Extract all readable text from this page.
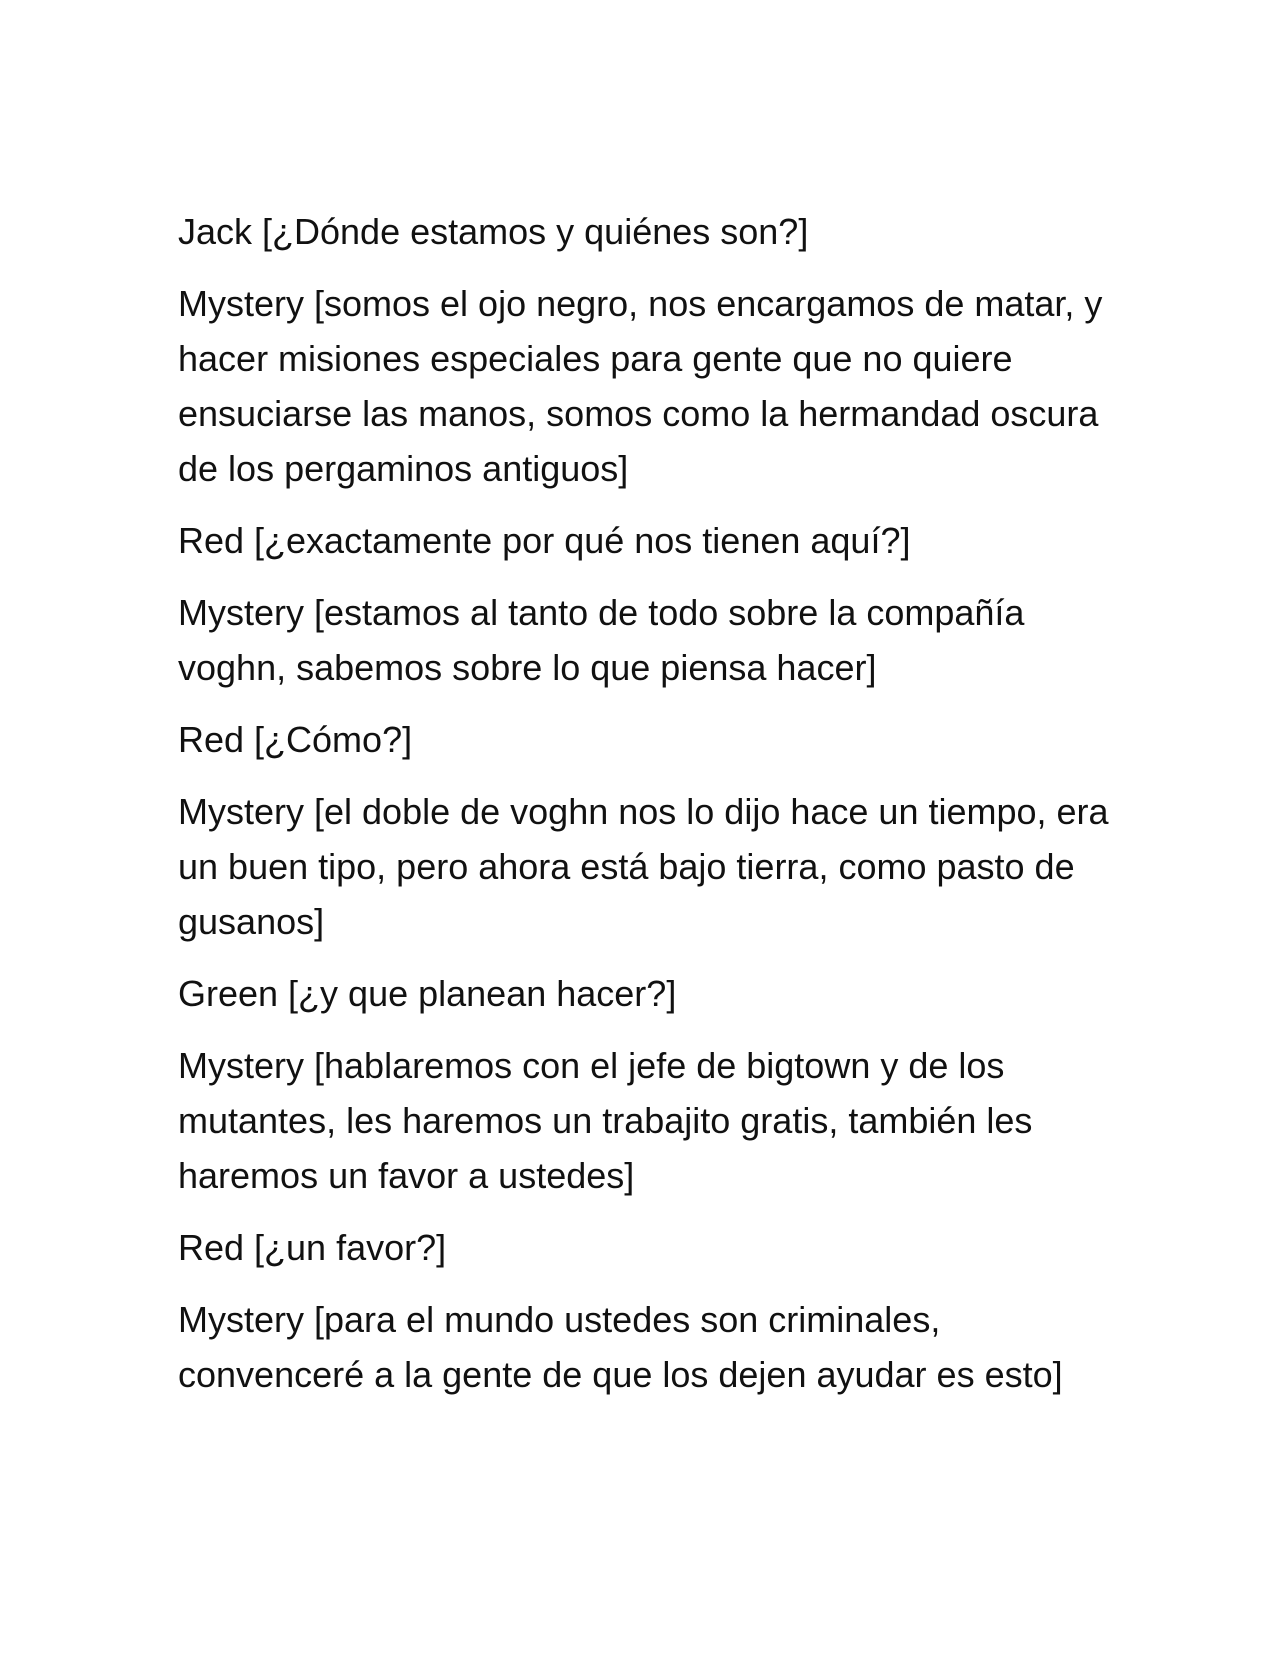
Jack [¿Dónde estamos y quiénes son?]

Mystery [somos el ojo negro, nos encargamos de matar, y hacer misiones especiales para gente que no quiere ensuciarse las manos, somos como la hermandad oscura de los pergaminos antiguos]

Red [¿exactamente por qué nos tienen aquí?]

Mystery [estamos al tanto de todo sobre la compañía voghn, sabemos sobre lo que piensa hacer]

Red [¿Cómo?]

Mystery [el doble de voghn nos lo dijo hace un tiempo, era un buen tipo, pero ahora está bajo tierra, como pasto de gusanos]

Green [¿y que planean hacer?]

Mystery [hablaremos con el jefe de bigtown y de los mutantes, les haremos un trabajito gratis, también les haremos un favor a ustedes]

Red [¿un favor?]

Mystery [para el mundo ustedes son criminales, convenceré a la gente de que los dejen ayudar es esto]
